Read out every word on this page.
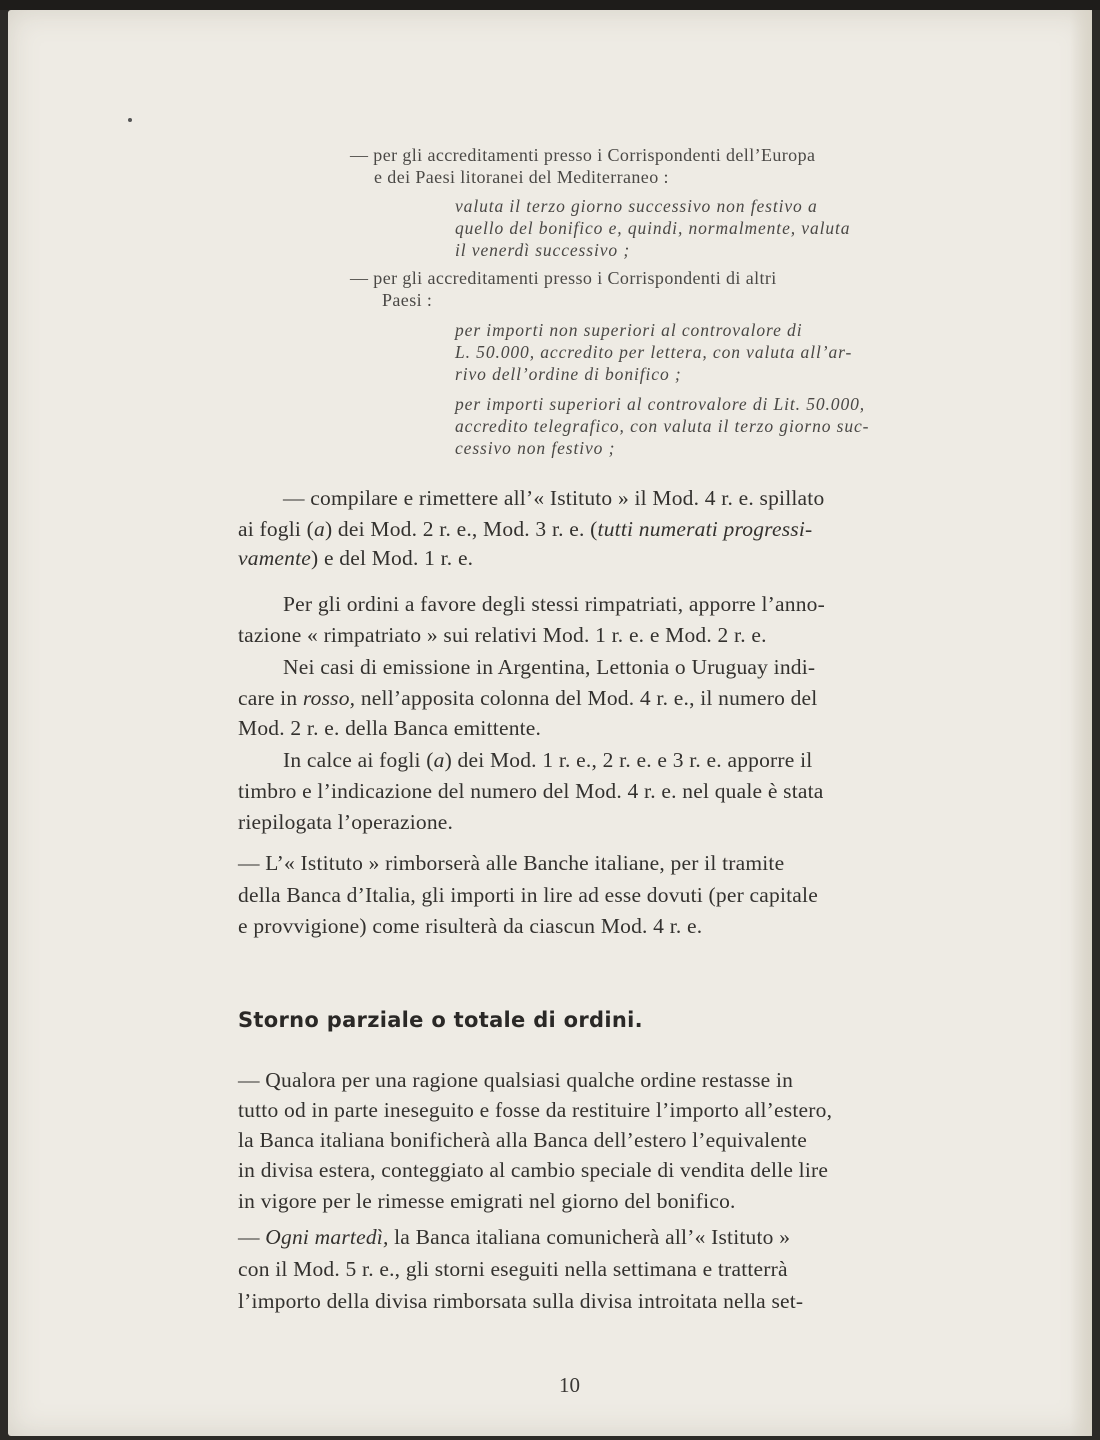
— per gli accreditamenti presso i Corrispondenti dell’Europa
e dei Paesi litoranei del Mediterraneo :
valuta il terzo giorno successivo non festivo a
quello del bonifico e, quindi, normalmente, valuta
il venerdì successivo ;
— per gli accreditamenti presso i Corrispondenti di altri
Paesi :
per importi non superiori al controvalore di
L. 50.000, accredito per lettera, con valuta all’ar-
rivo dell’ordine di bonifico ;
per importi superiori al controvalore di Lit. 50.000,
accredito telegrafico, con valuta il terzo giorno suc-
cessivo non festivo ;
— compilare e rimettere all’« Istituto » il Mod. 4 r. e. spillato
ai fogli (a) dei Mod. 2 r. e., Mod. 3 r. e. (tutti numerati progressi-
vamente) e del Mod. 1 r. e.
Per gli ordini a favore degli stessi rimpatriati, apporre l’anno-
tazione « rimpatriato » sui relativi Mod. 1 r. e. e Mod. 2 r. e.
Nei casi di emissione in Argentina, Lettonia o Uruguay indi-
care in rosso, nell’apposita colonna del Mod. 4 r. e., il numero del
Mod. 2 r. e. della Banca emittente.
In calce ai fogli (a) dei Mod. 1 r. e., 2 r. e. e 3 r. e. apporre il
timbro e l’indicazione del numero del Mod. 4 r. e. nel quale è stata
riepilogata l’operazione.
— L’« Istituto » rimborserà alle Banche italiane, per il tramite
della Banca d’Italia, gli importi in lire ad esse dovuti (per capitale
e provvigione) come risulterà da ciascun Mod. 4 r. e.
Storno parziale o totale di ordini.
— Qualora per una ragione qualsiasi qualche ordine restasse in
tutto od in parte ineseguito e fosse da restituire l’importo all’estero,
la Banca italiana bonificherà alla Banca dell’estero l’equivalente
in divisa estera, conteggiato al cambio speciale di vendita delle lire
in vigore per le rimesse emigrati nel giorno del bonifico.
— Ogni martedì, la Banca italiana comunicherà all’« Istituto »
con il Mod. 5 r. e., gli storni eseguiti nella settimana e tratterrà
l’importo della divisa rimborsata sulla divisa introitata nella set-
10
